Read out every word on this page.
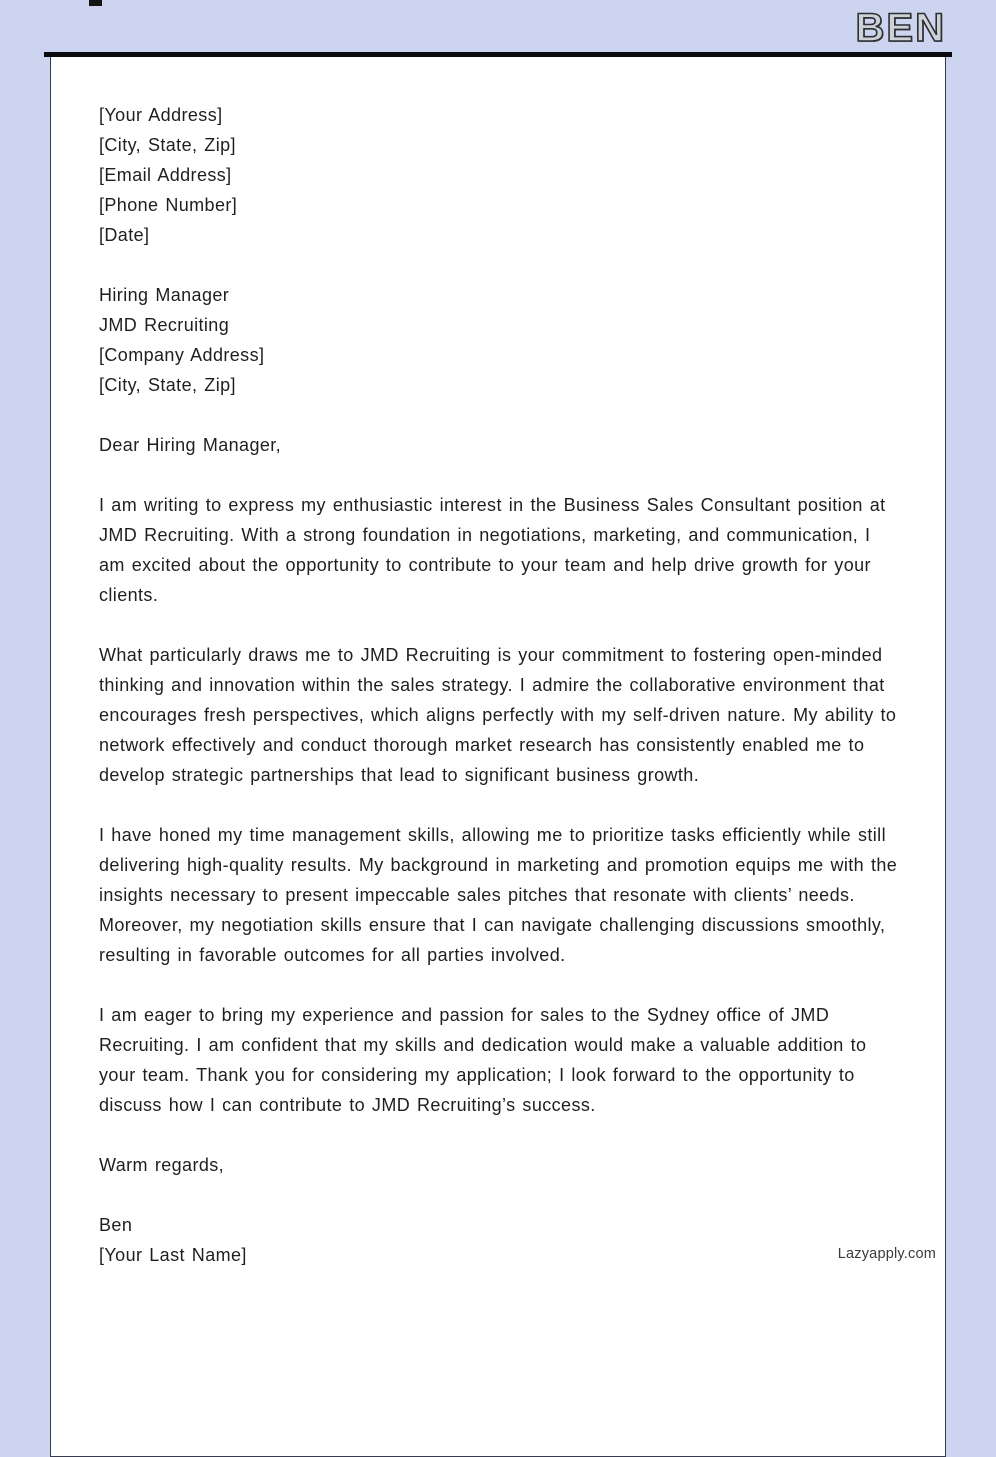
BEN
[Your Address]
[City, State, Zip]
[Email Address]
[Phone Number]
[Date]
Hiring Manager
JMD Recruiting
[Company Address]
[City, State, Zip]
Dear Hiring Manager,

I am writing to express my enthusiastic interest in the Business Sales Consultant position at JMD Recruiting. With a strong foundation in negotiations, marketing, and communication, I am excited about the opportunity to contribute to your team and help drive growth for your clients.

What particularly draws me to JMD Recruiting is your commitment to fostering open-minded thinking and innovation within the sales strategy. I admire the collaborative environment that encourages fresh perspectives, which aligns perfectly with my self-driven nature. My ability to network effectively and conduct thorough market research has consistently enabled me to develop strategic partnerships that lead to significant business growth.

I have honed my time management skills, allowing me to prioritize tasks efficiently while still delivering high-quality results. My background in marketing and promotion equips me with the insights necessary to present impeccable sales pitches that resonate with clients’ needs. Moreover, my negotiation skills ensure that I can navigate challenging discussions smoothly, resulting in favorable outcomes for all parties involved.

I am eager to bring my experience and passion for sales to the Sydney office of JMD Recruiting. I am confident that my skills and dedication would make a valuable addition to your team. Thank you for considering my application; I look forward to the opportunity to discuss how I can contribute to JMD Recruiting’s success.

Warm regards,
Ben
[Your Last Name]	Lazyapply.com
